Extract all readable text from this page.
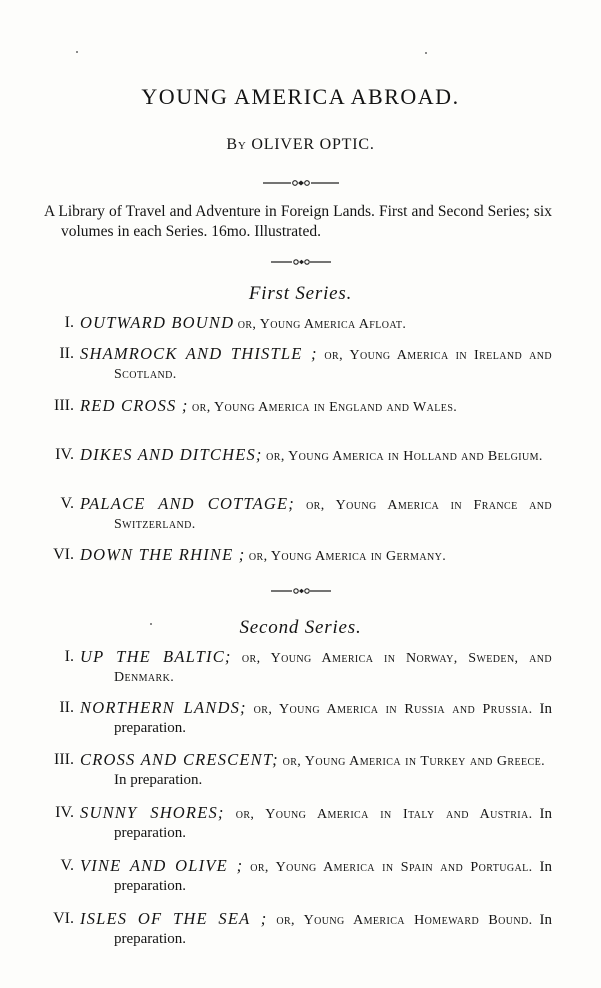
YOUNG AMERICA ABROAD.
By OLIVER OPTIC.

A Library of Travel and Adventure in Foreign Lands. First and Second Series; six volumes in each Series. 16mo. Illustrated.

First Series.
I. OUTWARD BOUND or, Young America Afloat.
II. SHAMROCK AND THISTLE ; or, Young America in Ireland and Scotland.
III. RED CROSS ; or, Young America in England and Wales.
IV. DIKES AND DITCHES; or, Young America in Holland and Belgium.
V. PALACE AND COTTAGE; or, Young America in France and Switzerland.
VI. DOWN THE RHINE ; or, Young America in Germany.
Second Series.
I. UP THE BALTIC; or, Young America in Norway, Sweden, and Denmark.
II. NORTHERN LANDS; or, Young America in Russia and Prussia.  In preparation.
III. CROSS AND CRESCENT; or, Young America in Turkey and Greece. In preparation.
IV. SUNNY SHORES; or, Young America in Italy and Austria.  In preparation.
V. VINE AND OLIVE ; or, Young America in Spain and Portugal.  In preparation.
VI. ISLES OF THE SEA ; or, Young America Homeward Bound.  In preparation.
